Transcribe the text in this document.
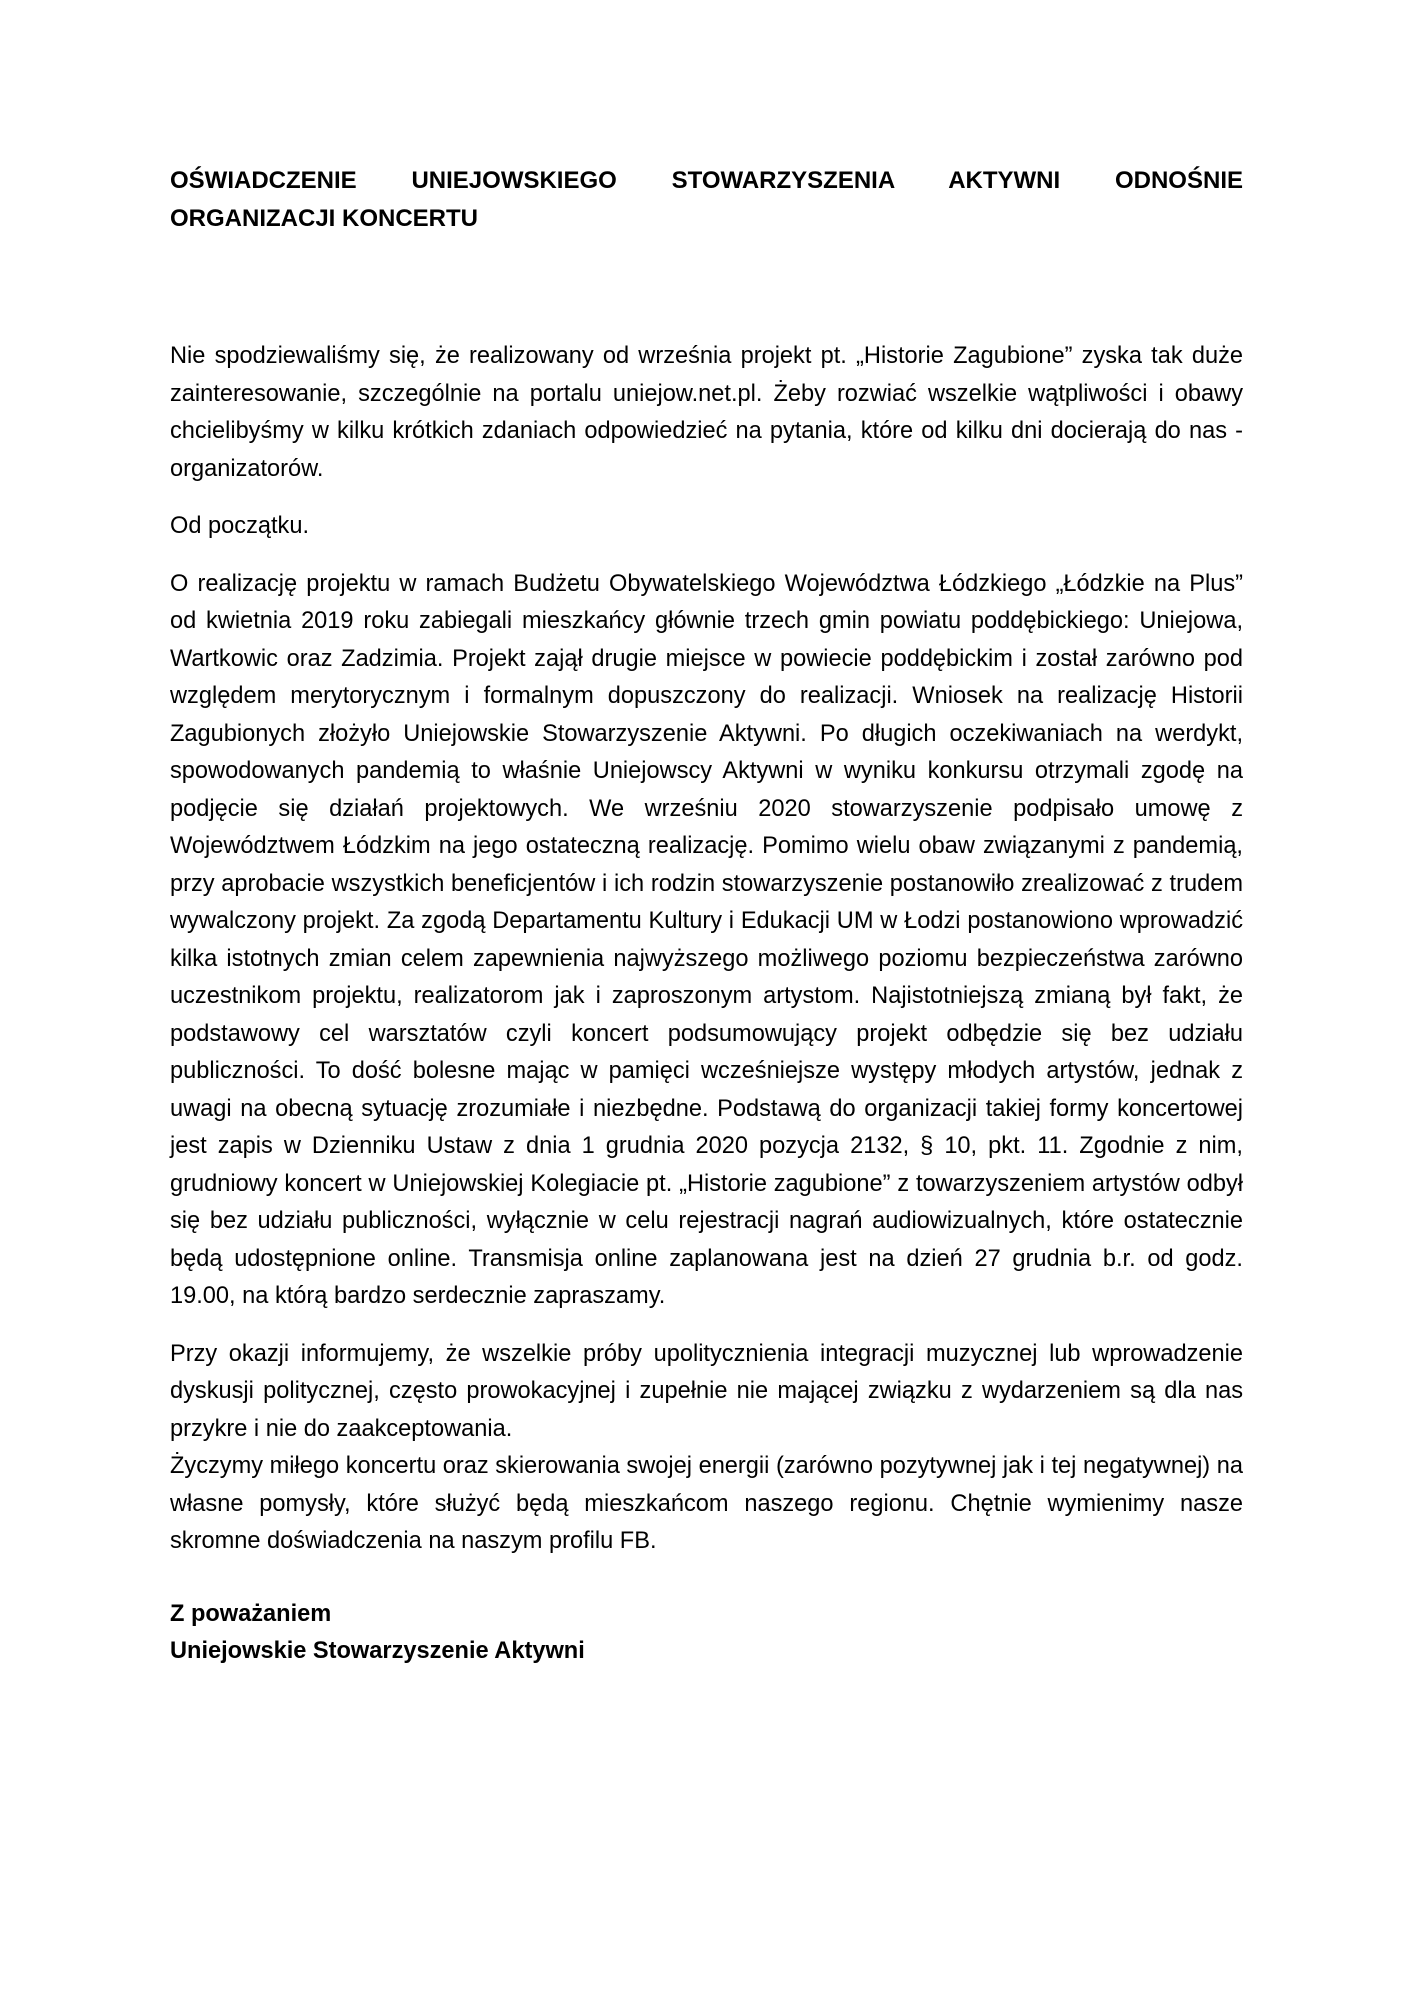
OŚWIADCZENIE UNIEJOWSKIEGO STOWARZYSZENIA AKTYWNI ODNOŚNIE
ORGANIZACJI KONCERTU

Nie spodziewaliśmy się, że realizowany od września projekt pt. „Historie Zagubione” zyska tak duże zainteresowanie, szczególnie na portalu uniejow.net.pl. Żeby rozwiać wszelkie wątpliwości i obawy chcielibyśmy w kilku krótkich zdaniach odpowiedzieć na pytania, które od kilku dni docierają do nas - organizatorów.

Od początku.

O realizację projektu w ramach Budżetu Obywatelskiego Województwa Łódzkiego „Łódzkie na Plus” od kwietnia 2019 roku zabiegali mieszkańcy głównie trzech gmin powiatu poddębickiego: Uniejowa, Wartkowic oraz Zadzimia. Projekt zajął drugie miejsce w powiecie poddębickim i został zarówno pod względem merytorycznym i formalnym dopuszczony do realizacji. Wniosek na realizację Historii Zagubionych złożyło Uniejowskie Stowarzyszenie Aktywni. Po długich oczekiwaniach na werdykt, spowodowanych pandemią to właśnie Uniejowscy Aktywni w wyniku konkursu otrzymali zgodę na podjęcie się działań projektowych. We wrześniu 2020 stowarzyszenie podpisało umowę z Województwem Łódzkim na jego ostateczną realizację. Pomimo wielu obaw związanymi z pandemią, przy aprobacie wszystkich beneficjentów i ich rodzin stowarzyszenie postanowiło zrealizować z trudem wywalczony projekt. Za zgodą Departamentu Kultury i Edukacji UM w Łodzi postanowiono wprowadzić kilka istotnych zmian celem zapewnienia najwyższego możliwego poziomu bezpieczeństwa zarówno uczestnikom projektu, realizatorom jak i zaproszonym artystom. Najistotniejszą zmianą był fakt, że podstawowy cel warsztatów czyli koncert podsumowujący projekt odbędzie się bez udziału publiczności. To dość bolesne mając w pamięci wcześniejsze występy młodych artystów, jednak z uwagi na obecną sytuację zrozumiałe i niezbędne. Podstawą do organizacji takiej formy koncertowej jest zapis w Dzienniku Ustaw z dnia 1 grudnia 2020 pozycja 2132, § 10, pkt. 11. Zgodnie z nim, grudniowy koncert w Uniejowskiej Kolegiacie pt. „Historie zagubione” z towarzyszeniem artystów odbył się bez udziału publiczności, wyłącznie w celu rejestracji nagrań audiowizualnych, które ostatecznie będą udostępnione online. Transmisja online zaplanowana jest na dzień 27 grudnia b.r. od godz. 19.00, na którą bardzo serdecznie zapraszamy.

Przy okazji informujemy, że wszelkie próby upolitycznienia integracji muzycznej lub wprowadzenie dyskusji politycznej, często prowokacyjnej i zupełnie nie mającej związku z wydarzeniem są dla nas przykre i nie do zaakceptowania.

Życzymy miłego koncertu oraz skierowania swojej energii (zarówno pozytywnej jak i tej negatywnej) na własne pomysły, które służyć będą mieszkańcom naszego regionu. Chętnie wymienimy nasze skromne doświadczenia na naszym profilu FB.

Z poważaniem
Uniejowskie Stowarzyszenie Aktywni
